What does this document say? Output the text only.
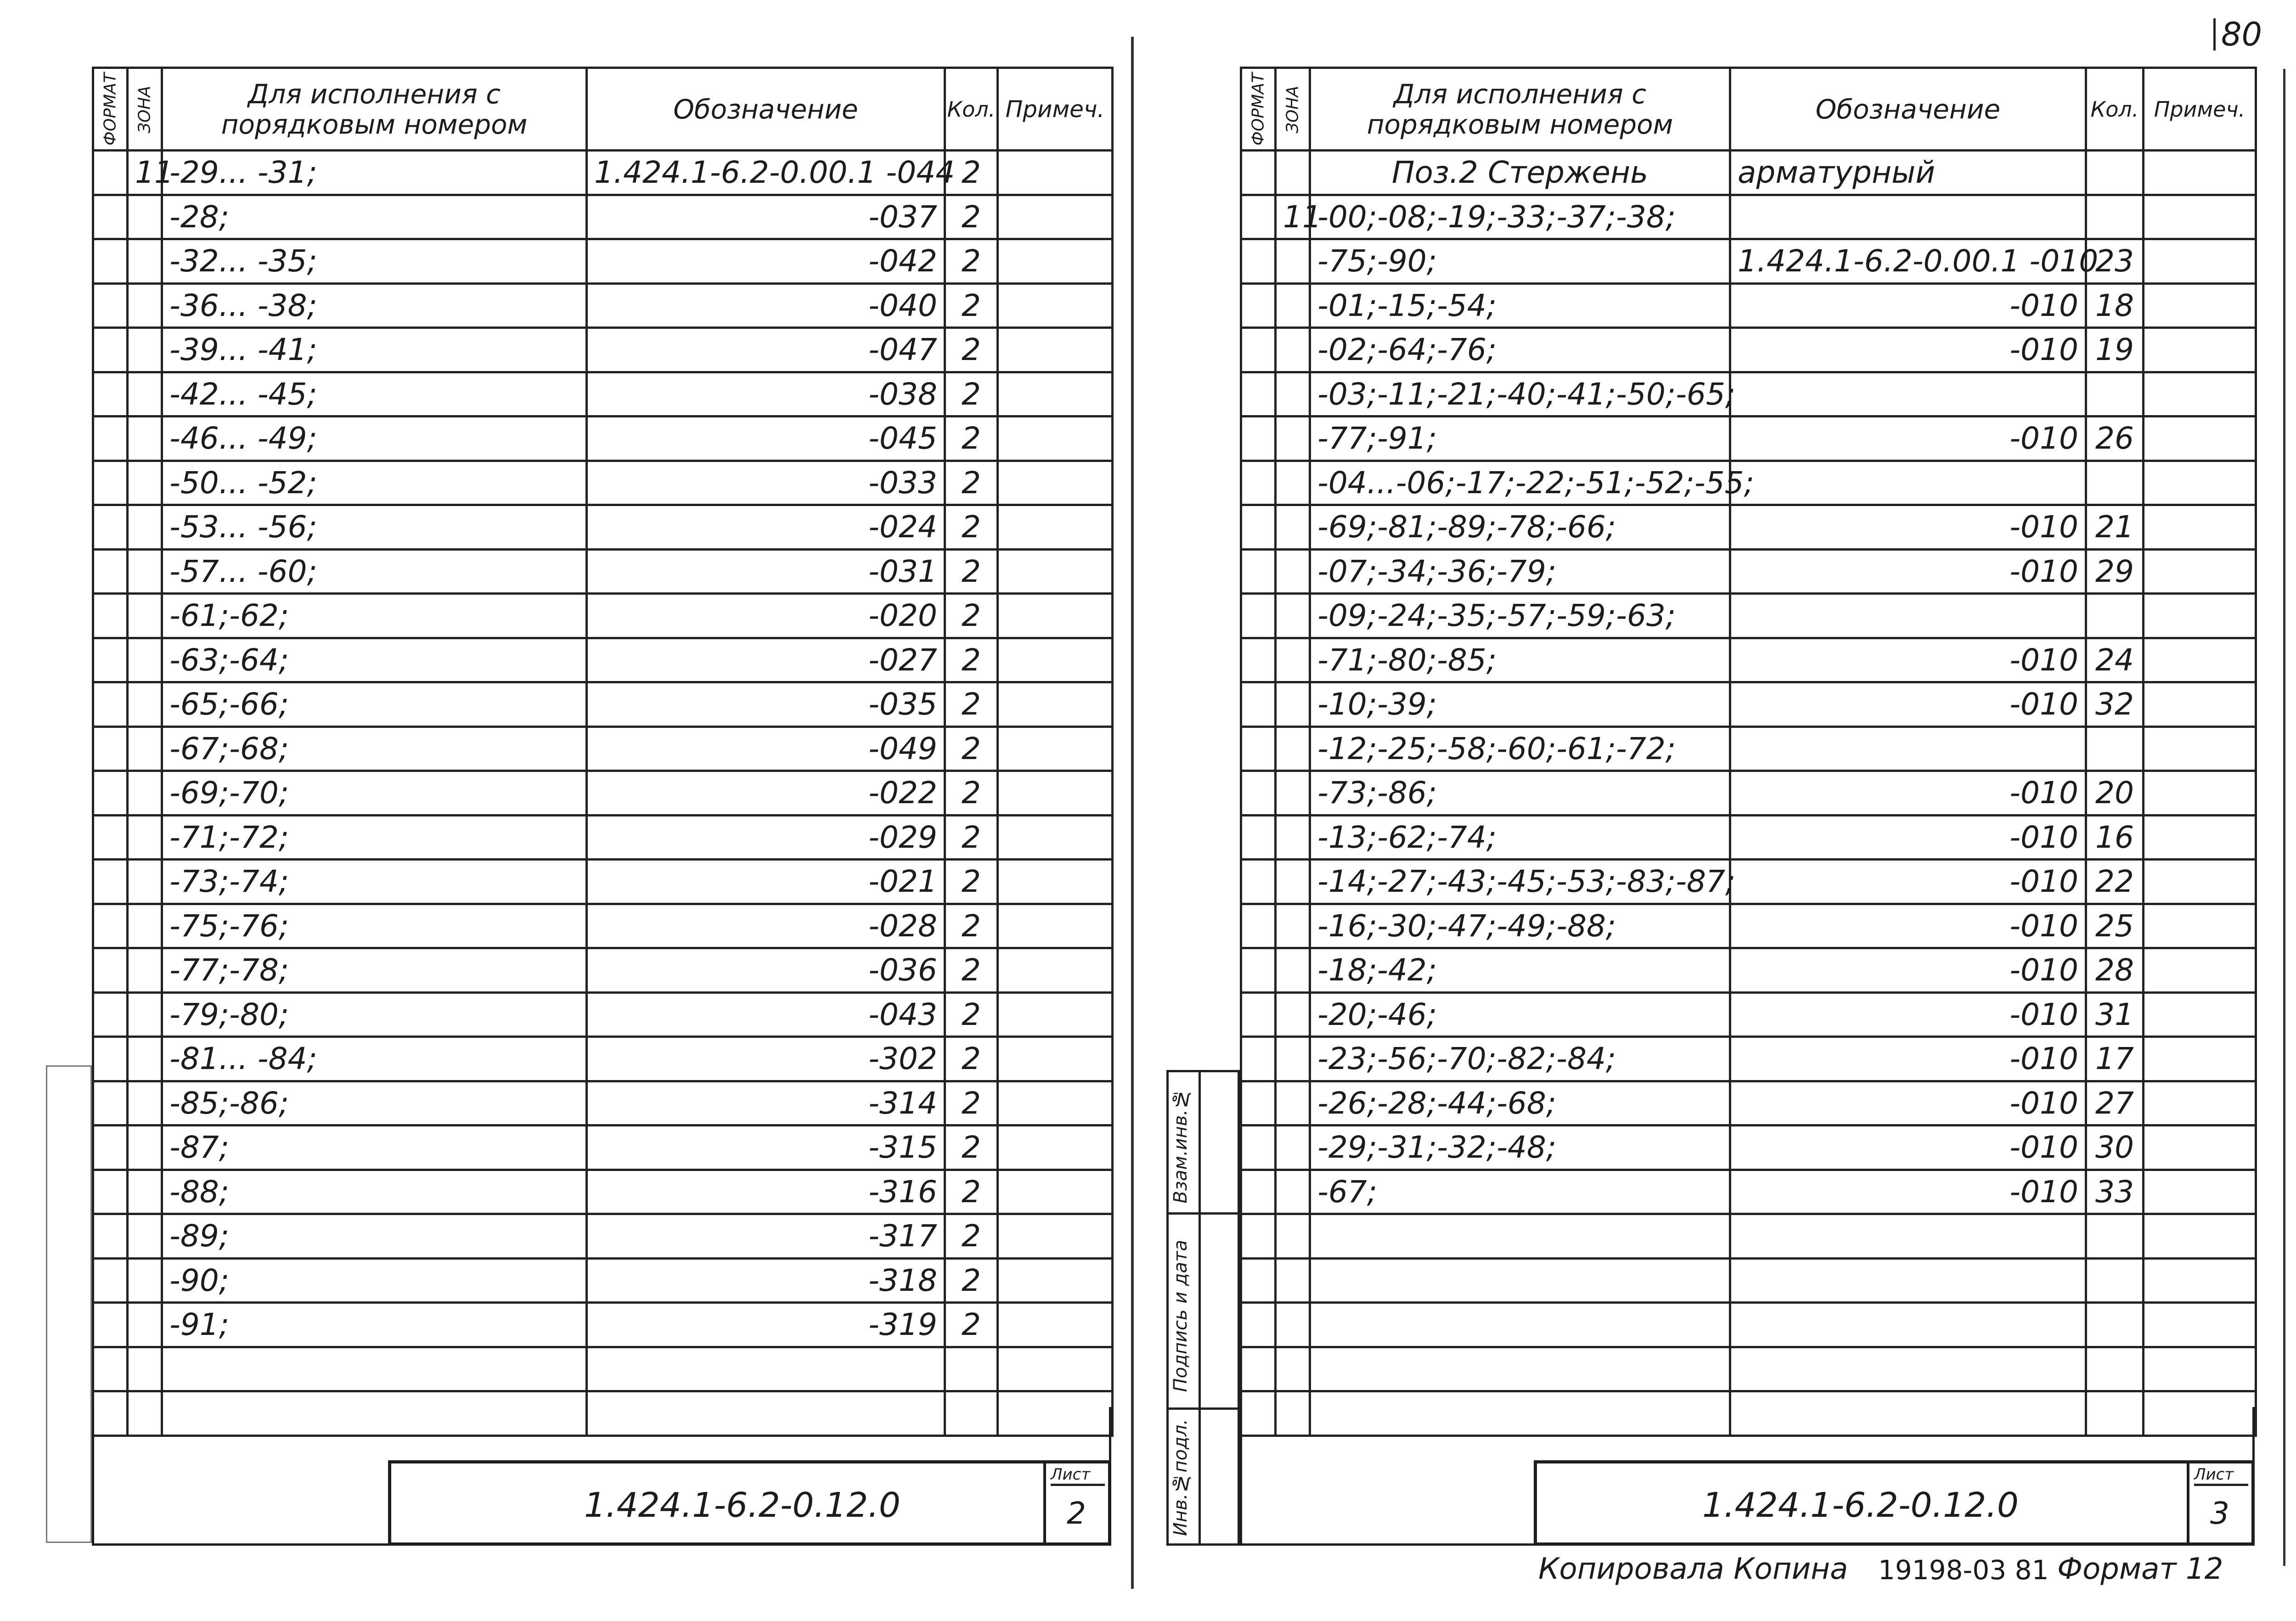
ФОРМАТ	ЗОНА	Для исполнения с
порядковым номером	Обозначение	Кол.	Примеч.
	11	-29... -31;	1.424.1-6.2-0.00.1 -044	2	
		-28;	-037	2	
		-32... -35;	-042	2	
		-36... -38;	-040	2	
		-39... -41;	-047	2	
		-42... -45;	-038	2	
		-46... -49;	-045	2	
		-50... -52;	-033	2	
		-53... -56;	-024	2	
		-57... -60;	-031	2	
		-61;-62;	-020	2	
		-63;-64;	-027	2	
		-65;-66;	-035	2	
		-67;-68;	-049	2	
		-69;-70;	-022	2	
		-71;-72;	-029	2	
		-73;-74;	-021	2	
		-75;-76;	-028	2	
		-77;-78;	-036	2	
		-79;-80;	-043	2	
		-81... -84;	-302	2	
		-85;-86;	-314	2	
		-87;	-315	2	
		-88;	-316	2	
		-89;	-317	2	
		-90;	-318	2	
		-91;	-319	2	

1.424.1-6.2-0.12.0
Лист
2
Взам.инв.№
Подпись и дата
Инв.№подл.
ФОРМАТ	ЗОНА	Для исполнения с
порядковым номером	Обозначение	Кол.	Примеч.
		Поз.2 Стержень	арматурный		
	11	-00;-08;-19;-33;-37;-38;			
		-75;-90;	1.424.1-6.2-0.00.1 -010	23	
		-01;-15;-54;	-010	18	
		-02;-64;-76;	-010	19	
		-03;-11;-21;-40;-41;-50;-65;			
		-77;-91;	-010	26	
		-04...-06;-17;-22;-51;-52;-55;			
		-69;-81;-89;-78;-66;	-010	21	
		-07;-34;-36;-79;	-010	29	
		-09;-24;-35;-57;-59;-63;			
		-71;-80;-85;	-010	24	
		-10;-39;	-010	32	
		-12;-25;-58;-60;-61;-72;			
		-73;-86;	-010	20	
		-13;-62;-74;	-010	16	
		-14;-27;-43;-45;-53;-83;-87;	-010	22	
		-16;-30;-47;-49;-88;	-010	25	
		-18;-42;	-010	28	
		-20;-46;	-010	31	
		-23;-56;-70;-82;-84;	-010	17	
		-26;-28;-44;-68;	-010	27	
		-29;-31;-32;-48;	-010	30	
		-67;	-010	33	

1.424.1-6.2-0.12.0
Лист
3
Копировала Копина 19198-03 81 Формат 12
80
